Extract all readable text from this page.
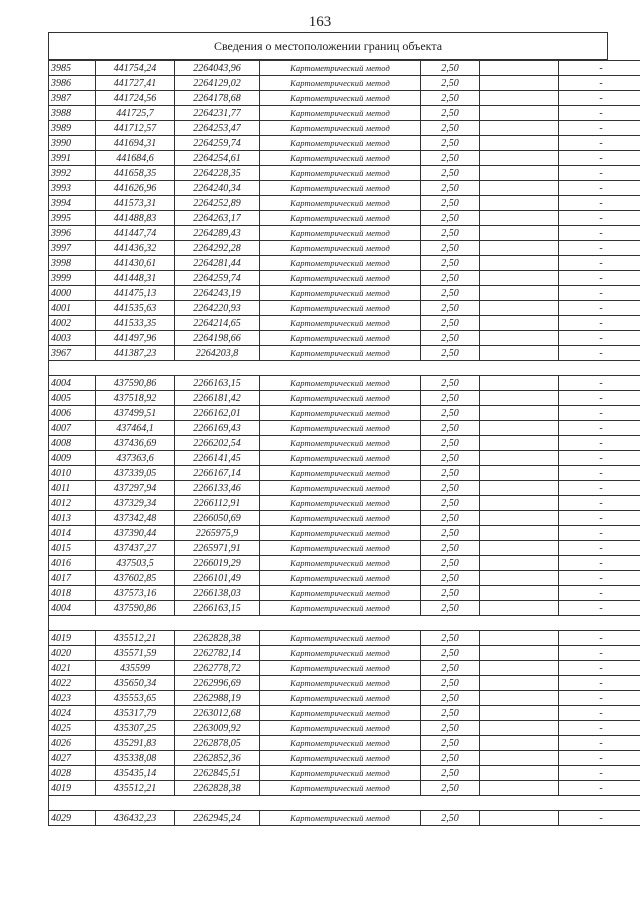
163
Сведения о местоположении границ объекта
3985	441754,24	2264043,96	Картометрический метод	2,50		-
3986	441727,41	2264129,02	Картометрический метод	2,50		-
3987	441724,56	2264178,68	Картометрический метод	2,50		-
3988	441725,7	2264231,77	Картометрический метод	2,50		-
3989	441712,57	2264253,47	Картометрический метод	2,50		-
3990	441694,31	2264259,74	Картометрический метод	2,50		-
3991	441684,6	2264254,61	Картометрический метод	2,50		-
3992	441658,35	2264228,35	Картометрический метод	2,50		-
3993	441626,96	2264240,34	Картометрический метод	2,50		-
3994	441573,31	2264252,89	Картометрический метод	2,50		-
3995	441488,83	2264263,17	Картометрический метод	2,50		-
3996	441447,74	2264289,43	Картометрический метод	2,50		-
3997	441436,32	2264292,28	Картометрический метод	2,50		-
3998	441430,61	2264281,44	Картометрический метод	2,50		-
3999	441448,31	2264259,74	Картометрический метод	2,50		-
4000	441475,13	2264243,19	Картометрический метод	2,50		-
4001	441535,63	2264220,93	Картометрический метод	2,50		-
4002	441533,35	2264214,65	Картометрический метод	2,50		-
4003	441497,96	2264198,66	Картометрический метод	2,50		-
3967	441387,23	2264203,8	Картометрический метод	2,50		-

4004	437590,86	2266163,15	Картометрический метод	2,50		-
4005	437518,92	2266181,42	Картометрический метод	2,50		-
4006	437499,51	2266162,01	Картометрический метод	2,50		-
4007	437464,1	2266169,43	Картометрический метод	2,50		-
4008	437436,69	2266202,54	Картометрический метод	2,50		-
4009	437363,6	2266141,45	Картометрический метод	2,50		-
4010	437339,05	2266167,14	Картометрический метод	2,50		-
4011	437297,94	2266133,46	Картометрический метод	2,50		-
4012	437329,34	2266112,91	Картометрический метод	2,50		-
4013	437342,48	2266050,69	Картометрический метод	2,50		-
4014	437390,44	2265975,9	Картометрический метод	2,50		-
4015	437437,27	2265971,91	Картометрический метод	2,50		-
4016	437503,5	2266019,29	Картометрический метод	2,50		-
4017	437602,85	2266101,49	Картометрический метод	2,50		-
4018	437573,16	2266138,03	Картометрический метод	2,50		-
4004	437590,86	2266163,15	Картометрический метод	2,50		-

4019	435512,21	2262828,38	Картометрический метод	2,50		-
4020	435571,59	2262782,14	Картометрический метод	2,50		-
4021	435599	2262778,72	Картометрический метод	2,50		-
4022	435650,34	2262996,69	Картометрический метод	2,50		-
4023	435553,65	2262988,19	Картометрический метод	2,50		-
4024	435317,79	2263012,68	Картометрический метод	2,50		-
4025	435307,25	2263009,92	Картометрический метод	2,50		-
4026	435291,83	2262878,05	Картометрический метод	2,50		-
4027	435338,08	2262852,36	Картометрический метод	2,50		-
4028	435435,14	2262845,51	Картометрический метод	2,50		-
4019	435512,21	2262828,38	Картометрический метод	2,50		-

4029	436432,23	2262945,24	Картометрический метод	2,50		-
